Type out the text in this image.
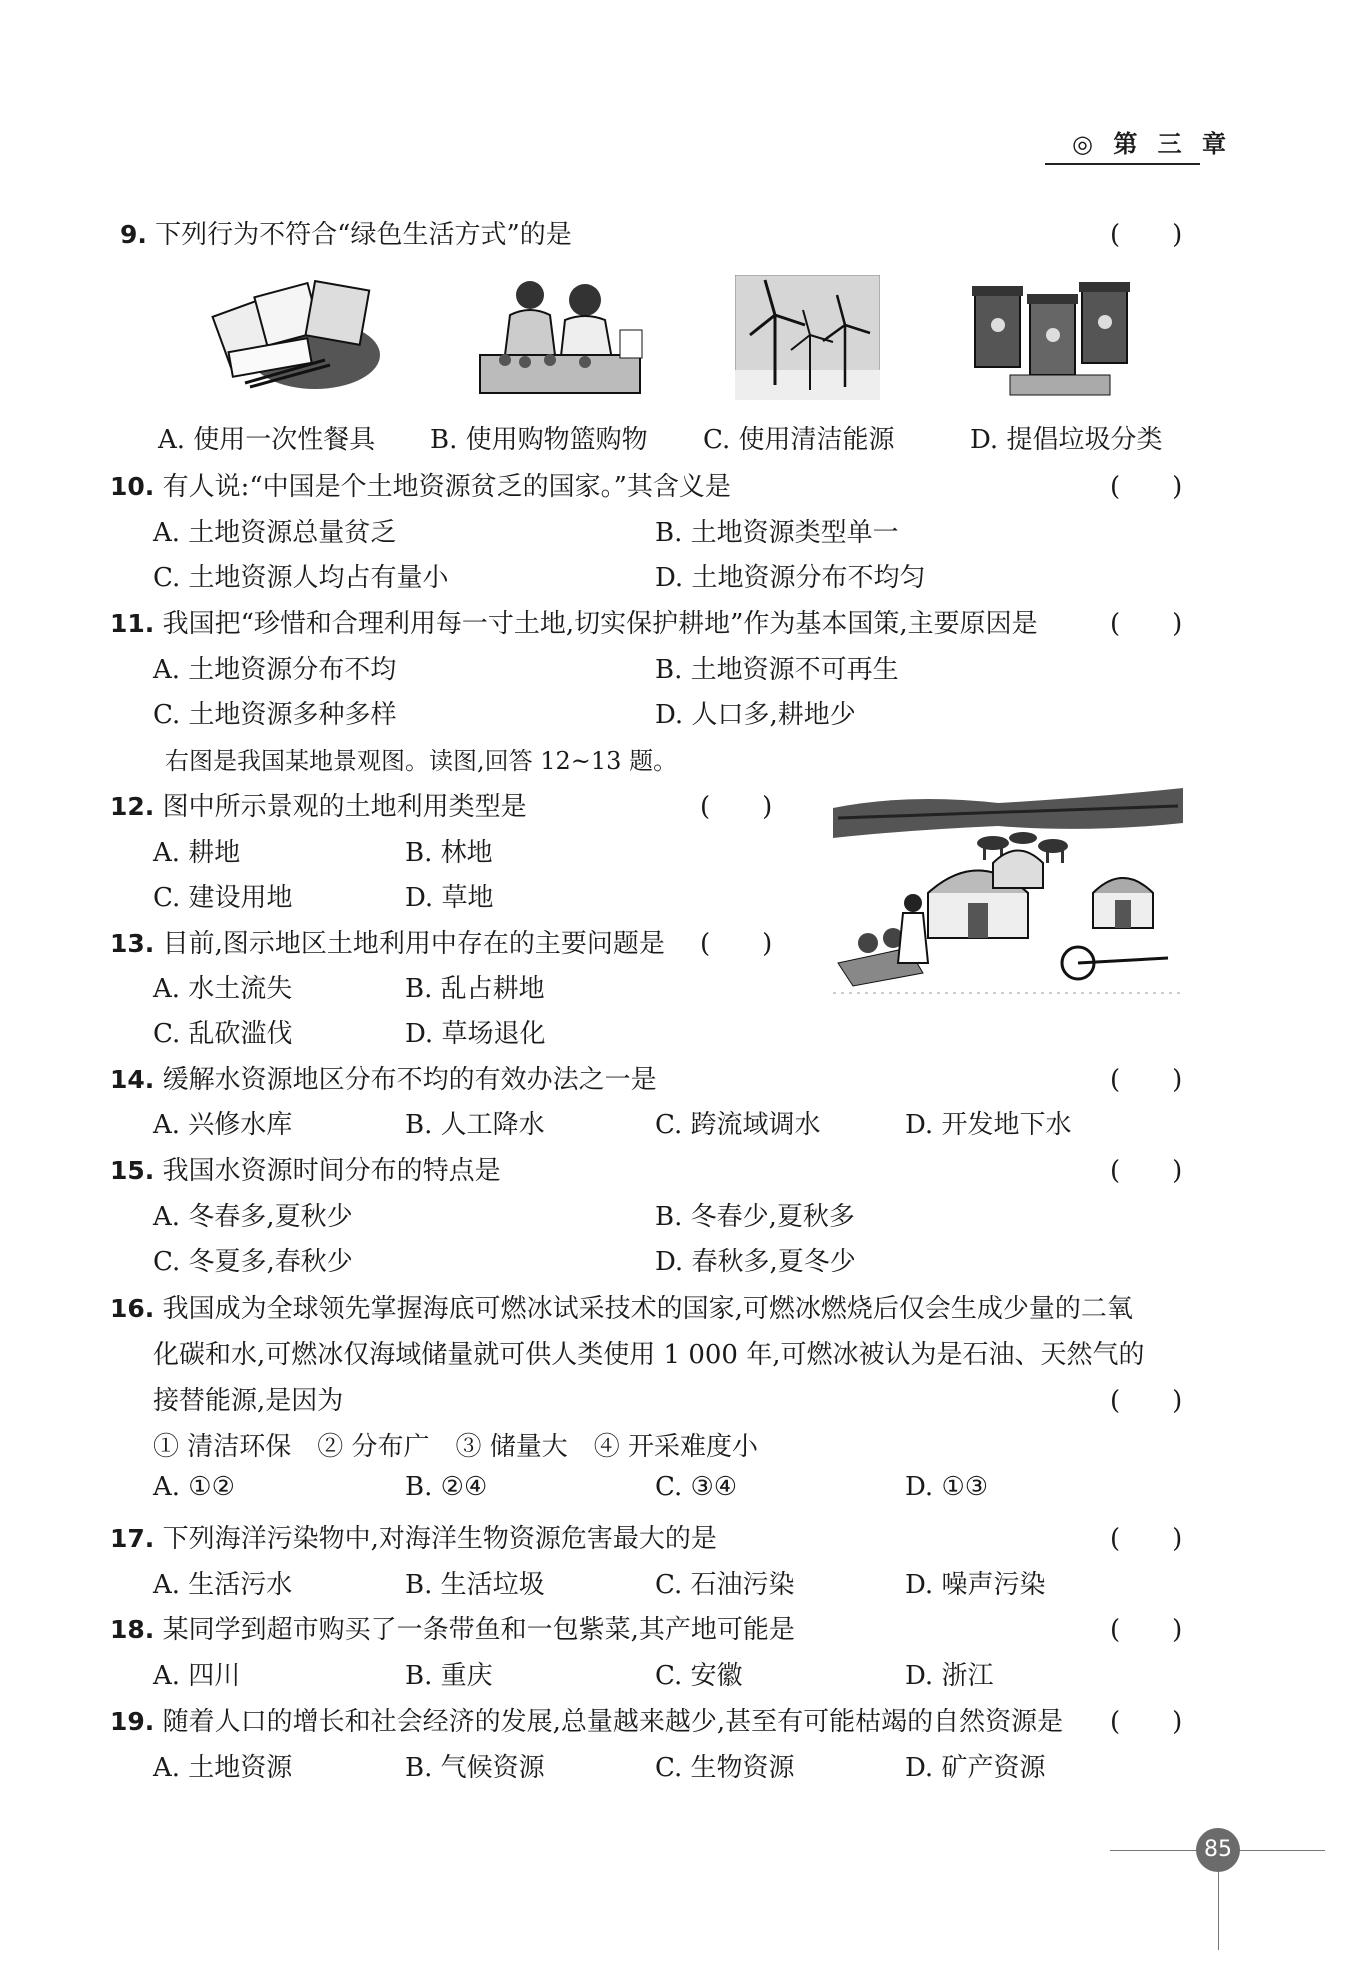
◎ 第 三 章
9. 下列行为不符合“绿色生活方式”的是	(　　)
A. 使用一次性餐具 B. 使用购物篮购物 C. 使用清洁能源	D. 提倡垃圾分类
10. 有人说:“中国是个土地资源贫乏的国家。”其含义是	(　　)
A. 土地资源总量贫乏	B. 土地资源类型单一
C. 土地资源人均占有量小	D. 土地资源分布不均匀
11. 我国把“珍惜和合理利用每一寸土地,切实保护耕地”作为基本国策,主要原因是	(　　)
A. 土地资源分布不均	B. 土地资源不可再生
C. 土地资源多种多样	D. 人口多,耕地少
右图是我国某地景观图。读图,回答 12~13 题。
12. 图中所示景观的土地利用类型是	(　　)
A. 耕地	B. 林地
C. 建设用地	D. 草地
13. 目前,图示地区土地利用中存在的主要问题是 (　　)
A. 水土流失	B. 乱占耕地
C. 乱砍滥伐	D. 草场退化
14. 缓解水资源地区分布不均的有效办法之一是	(　　)
A. 兴修水库	B. 人工降水	C. 跨流域调水	D. 开发地下水
15. 我国水资源时间分布的特点是	(　　)
A. 冬春多,夏秋少	B. 冬春少,夏秋多
C. 冬夏多,春秋少	D. 春秋多,夏冬少
16. 我国成为全球领先掌握海底可燃冰试采技术的国家,可燃冰燃烧后仅会生成少量的二氧
化碳和水,可燃冰仅海域储量就可供人类使用 1 000 年,可燃冰被认为是石油、天然气的
接替能源,是因为	(　　)
① 清洁环保　② 分布广　③ 储量大　④ 开采难度小
A. ①②	B. ②④	C. ③④	D. ①③
17. 下列海洋污染物中,对海洋生物资源危害最大的是	(　　)
A. 生活污水	B. 生活垃圾	C. 石油污染	D. 噪声污染
18. 某同学到超市购买了一条带鱼和一包紫菜,其产地可能是	(　　)
A. 四川	B. 重庆	C. 安徽	D. 浙江
19. 随着人口的增长和社会经济的发展,总量越来越少,甚至有可能枯竭的自然资源是 (　　)
A. 土地资源	B. 气候资源	C. 生物资源	D. 矿产资源
85
